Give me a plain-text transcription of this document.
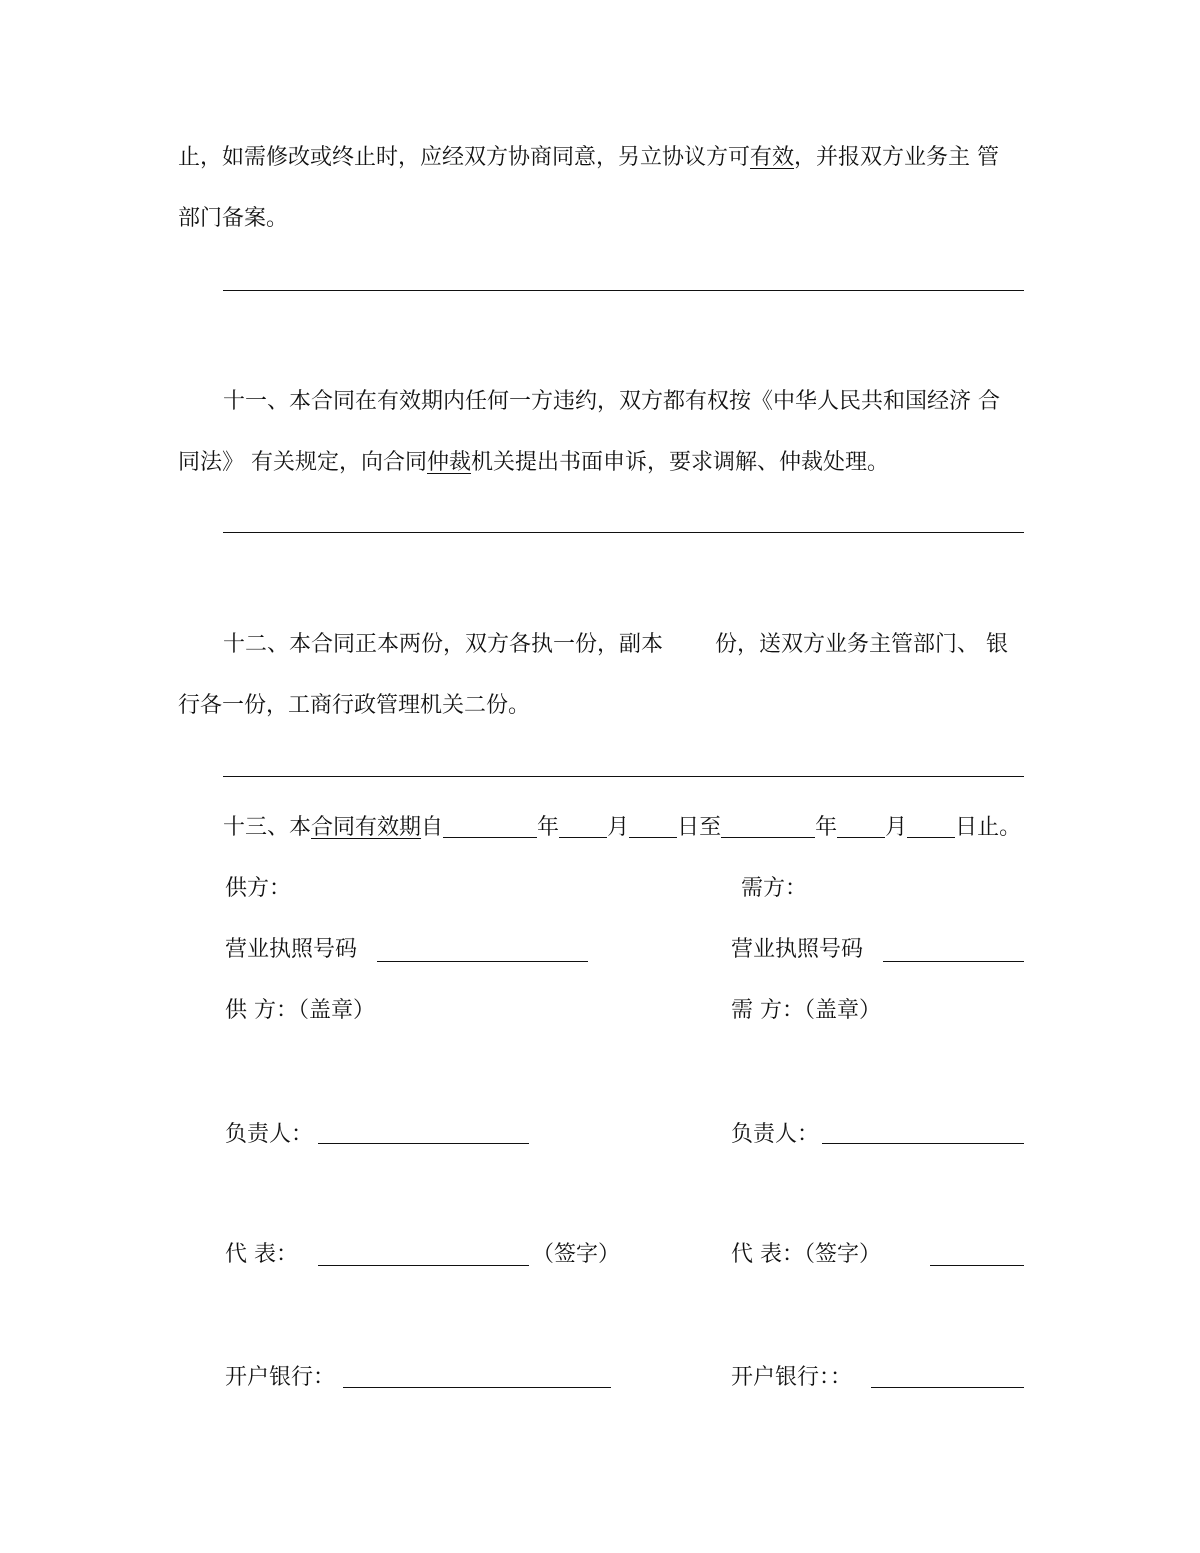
止，如需修改或终止时，应经双方协商同意，另立协议方可有效，并报双方业务主 管
部门备案。
十一、本合同在有效期内任何一方违约，双方都有权按《中华人民共和国经济 合
同法》 有关规定，向合同仲裁机关提出书面申诉，要求调解、仲裁处理。
十二、本合同正本两份，双方各执一份，副本 份，送双方业务主管部门、 银
行各一份，工商行政管理机关二份。
十三、本合同有效期自	年 月 日至	年 月 日止。
供方：	需方：
营业执照号码	营业执照号码
供 方：（盖章）	需 方：（盖章）
负责人：	负责人：
代 表：	（签字）	代 表：（签字）
开户银行：	开户银行：：
